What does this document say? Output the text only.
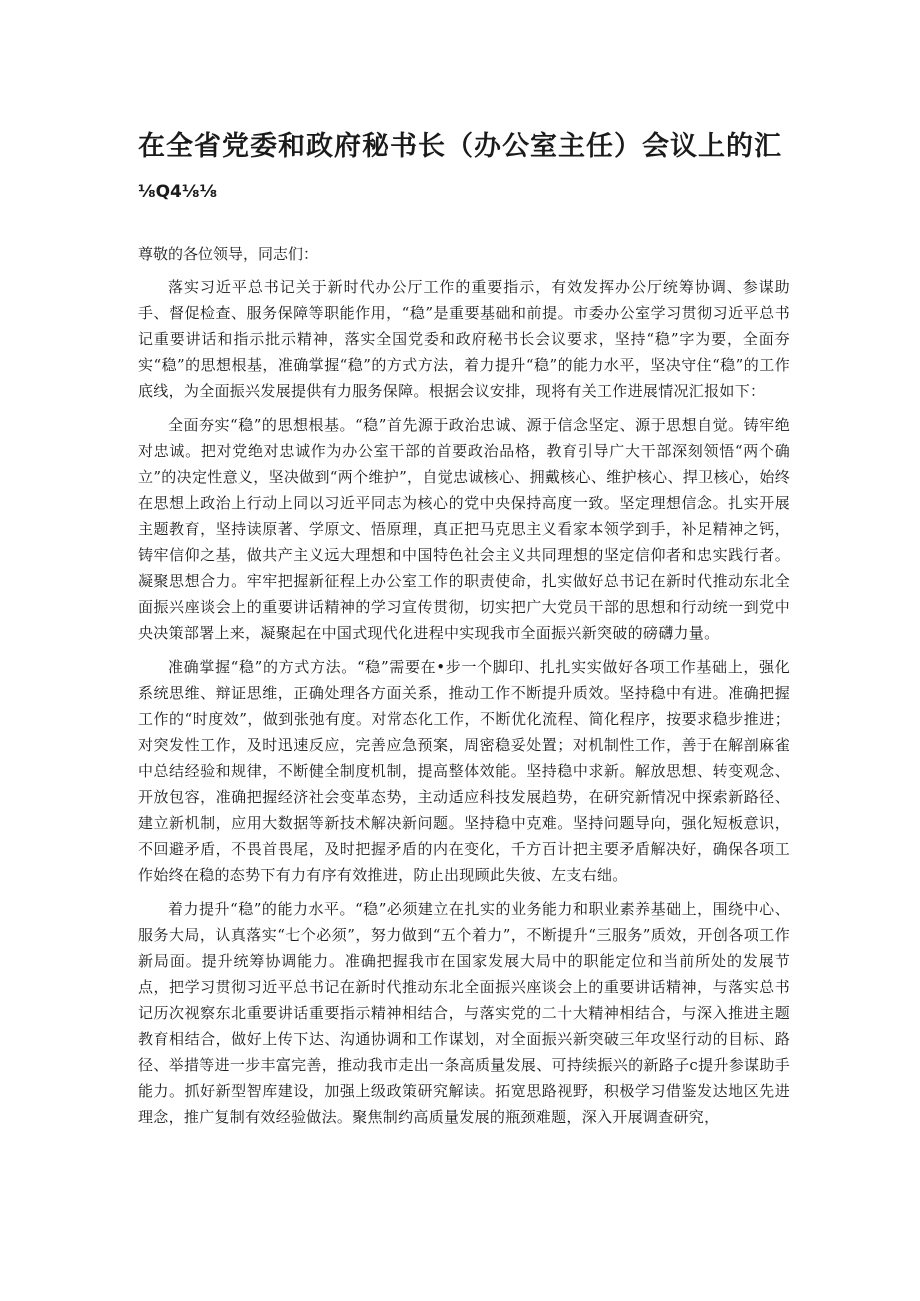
在全省党委和政府秘书长（办公室主任）会议上的汇
⅛Q4⅛⅛
尊敬的各位领导，同志们：

落实习近平总书记关于新时代办公厅工作的重要指示，有效发挥办公厅统筹协调、参谋助手、督促检查、服务保障等职能作用，“稳”是重要基础和前提。市委办公室学习贯彻习近平总书记重要讲话和指示批示精神，落实全国党委和政府秘书长会议要求，坚持“稳”字为要，全面夯实“稳”的思想根基，准确掌握“稳”的方式方法，着力提升“稳”的能力水平，坚决守住“稳”的工作底线，为全面振兴发展提供有力服务保障。根据会议安排，现将有关工作进展情况汇报如下：

全面夯实“稳”的思想根基。“稳”首先源于政治忠诚、源于信念坚定、源于思想自觉。铸牢绝对忠诚。把对党绝对忠诚作为办公室干部的首要政治品格，教育引导广大干部深刻领悟“两个确立”的决定性意义，坚决做到“两个维护”，自觉忠诚核心、拥戴核心、维护核心、捍卫核心，始终在思想上政治上行动上同以习近平同志为核心的党中央保持高度一致。坚定理想信念。扎实开展主题教育，坚持读原著、学原文、悟原理，真正把马克思主义看家本领学到手，补足精神之钙，铸牢信仰之基，做共产主义远大理想和中国特色社会主义共同理想的坚定信仰者和忠实践行者。凝聚思想合力。牢牢把握新征程上办公室工作的职责使命，扎实做好总书记在新时代推动东北全面振兴座谈会上的重要讲话精神的学习宣传贯彻，切实把广大党员干部的思想和行动统一到党中央决策部署上来，凝聚起在中国式现代化进程中实现我市全面振兴新突破的磅礴力量。

准确掌握“稳”的方式方法。“稳”需要在•步一个脚印、扎扎实实做好各项工作基础上，强化系统思维、辩证思维，正确处理各方面关系，推动工作不断提升质效。坚持稳中有进。准确把握工作的“时度效”，做到张弛有度。对常态化工作，不断优化流程、简化程序，按要求稳步推进；对突发性工作，及时迅速反应，完善应急预案，周密稳妥处置；对机制性工作，善于在解剖麻雀中总结经验和规律，不断健全制度机制，提高整体效能。坚持稳中求新。解放思想、转变观念、开放包容，准确把握经济社会变革态势，主动适应科技发展趋势，在研究新情况中探索新路径、建立新机制，应用大数据等新技术解决新问题。坚持稳中克难。坚持问题导向，强化短板意识，不回避矛盾，不畏首畏尾，及时把握矛盾的内在变化，千方百计把主要矛盾解决好，确保各项工作始终在稳的态势下有力有序有效推进，防止出现顾此失彼、左支右绌。

着力提升“稳”的能力水平。“稳”必须建立在扎实的业务能力和职业素养基础上，围绕中心、服务大局，认真落实“七个必须”，努力做到“五个着力”，不断提升“三服务”质效，开创各项工作新局面。提升统筹协调能力。准确把握我市在国家发展大局中的职能定位和当前所处的发展节点，把学习贯彻习近平总书记在新时代推动东北全面振兴座谈会上的重要讲话精神，与落实总书记历次视察东北重要讲话重要指示精神相结合，与落实党的二十大精神相结合，与深入推进主题教育相结合，做好上传下达、沟通协调和工作谋划，对全面振兴新突破三年攻坚行动的目标、路径、举措等进一步丰富完善，推动我市走出一条高质量发展、可持续振兴的新路子c提升参谋助手能力。抓好新型智库建设，加强上级政策研究解读。拓宽思路视野，积极学习借鉴发达地区先进理念，推广复制有效经验做法。聚焦制约高质量发展的瓶颈难题，深入开展调查研究，
